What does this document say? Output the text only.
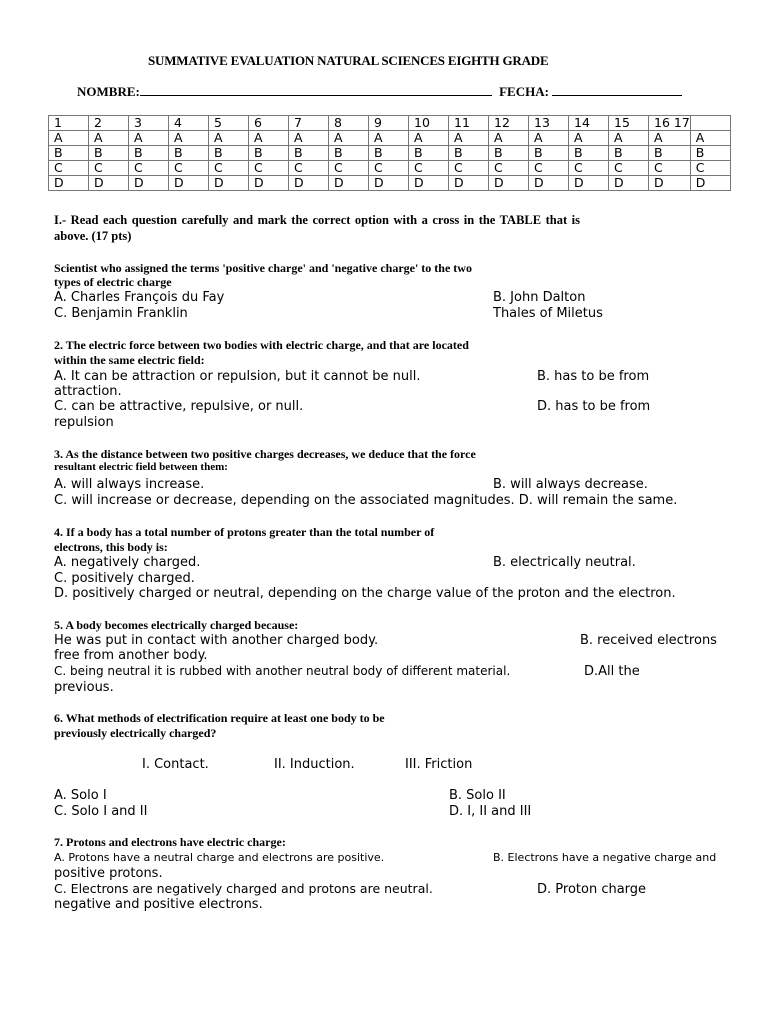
SUMMATIVE EVALUATION NATURAL SCIENCES EIGHTH GRADE
NOMBRE:	FECHA:
1	2	3	4	5	6	7	8	9	10	11	12	13	14	15	16 17	
A	A	A	A	A	A	A	A	A	A	A	A	A	A	A	A	A
B	B	B	B	B	B	B	B	B	B	B	B	B	B	B	B	B
C	C	C	C	C	C	C	C	C	C	C	C	C	C	C	C	C
D	D	D	D	D	D	D	D	D	D	D	D	D	D	D	D	D
I.- Read each question carefully and mark the correct option with a cross in the TABLE that is above. (17 pts)
Scientist who assigned the terms 'positive charge' and 'negative charge' to the two
types of electric charge
A. Charles François du Fay	B. John Dalton
C. Benjamin Franklin	Thales of Miletus
2. The electric force between two bodies with electric charge, and that are located
within the same electric field:
A. It can be attraction or repulsion, but it cannot be null.	B. has to be from
attraction.
C. can be attractive, repulsive, or null.	D. has to be from
repulsion
3. As the distance between two positive charges decreases, we deduce that the force
resultant electric field between them:
A. will always increase.	B. will always decrease.
C. will increase or decrease, depending on the associated magnitudes. D. will remain the same.
4. If a body has a total number of protons greater than the total number of
electrons, this body is:
A. negatively charged.	B. electrically neutral.
C. positively charged.
D. positively charged or neutral, depending on the charge value of the proton and the electron.
5. A body becomes electrically charged because:
He was put in contact with another charged body.	B. received electrons
free from another body.
C. being neutral it is rubbed with another neutral body of different material.	D.All the
previous.
6. What methods of electrification require at least one body to be
previously electrically charged?
I. Contact.	II. Induction.	III. Friction
A. Solo I	B. Solo II
C. Solo I and II	D. I, II and III
7. Protons and electrons have electric charge:
A. Protons have a neutral charge and electrons are positive.	B. Electrons have a negative charge and
positive protons.
C. Electrons are negatively charged and protons are neutral.	D. Proton charge
negative and positive electrons.
